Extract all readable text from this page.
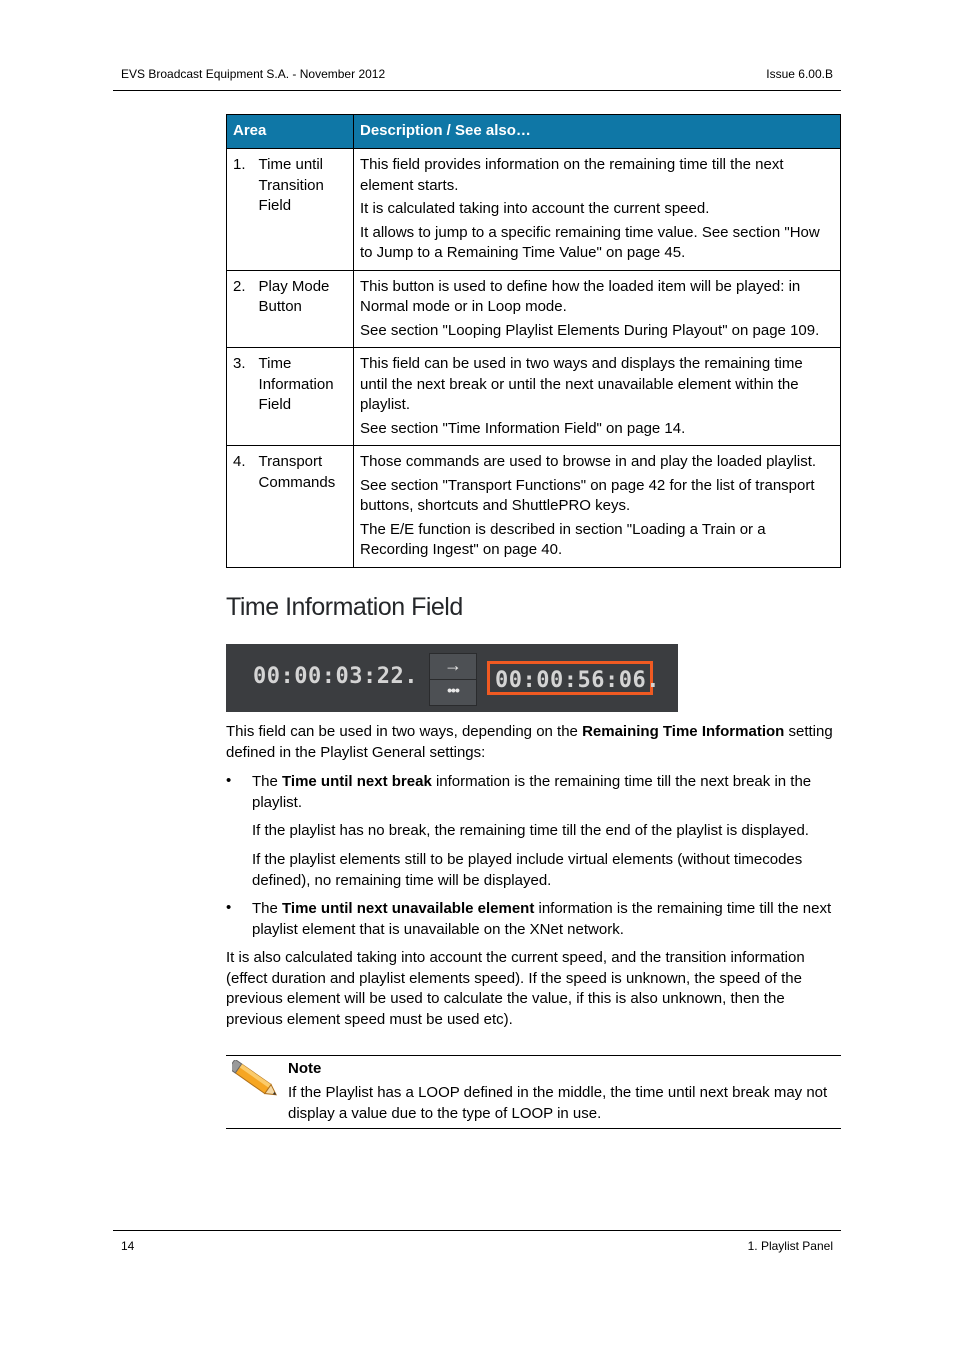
EVS Broadcast Equipment S.A. - November 2012	Issue 6.00.B
Area		Description / See also…
1.	Time until Transition Field	This field provides information on the remaining time till the next element starts.

It is calculated taking into account the current speed.

It allows to jump to a specific remaining time value. See section "How to Jump to a Remaining Time Value" on page 45.

2.	Play Mode Button	This button is used to define how the loaded item will be played: in Normal mode or in Loop mode.

See section "Looping Playlist Elements During Playout" on page 109.

3.	Time Information Field	This field can be used in two ways and displays the remaining time until the next break or until the next unavailable element within the playlist.

See section "Time Information Field" on page 14.

4.	Transport Commands	Those commands are used to browse in and play the loaded playlist.

See section "Transport Functions" on page 42 for the list of transport buttons, shortcuts and ShuttlePRO keys.

The E/E function is described in section "Loading a Train or a Recording Ingest" on page 40.

Time Information Field
00:00:03:22.	→
•••	00:00:56:06.
This field can be used in two ways, depending on the Remaining Time Information setting defined in the Playlist General settings:
• The Time until next break information is the remaining time till the next break in the playlist.
If the playlist has no break, the remaining time till the end of the playlist is displayed.
If the playlist elements still to be played include virtual elements (without timecodes defined), no remaining time will be displayed.
• The Time until next unavailable element information is the remaining time till the next playlist element that is unavailable on the XNet network.
It is also calculated taking into account the current speed, and the transition information (effect duration and playlist elements speed). If the speed is unknown, the speed of the previous element will be used to calculate the value, if this is also unknown, then the previous element speed must be used etc).
Note
If the Playlist has a LOOP defined in the middle, the time until next break may not display a value due to the type of LOOP in use.
14	1. Playlist Panel
